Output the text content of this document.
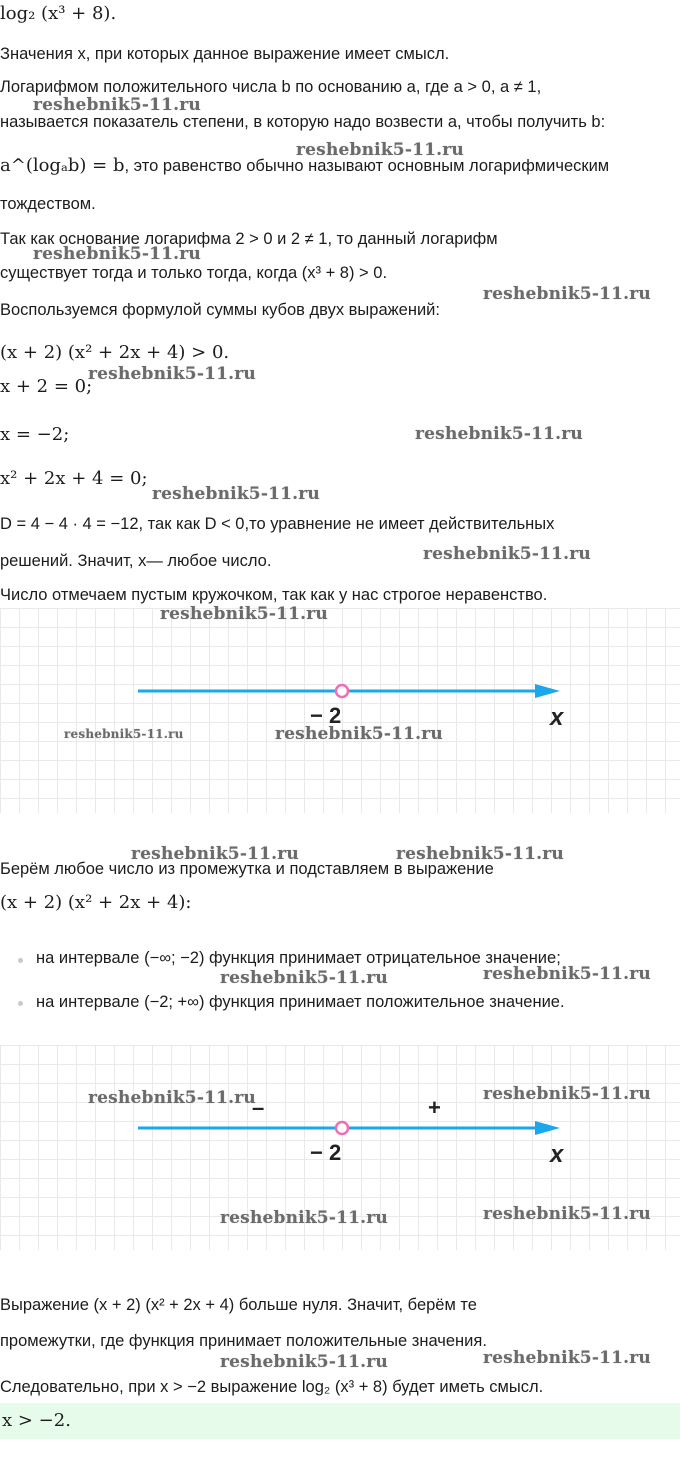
log₂ (x³ + 8).
Значения x, при которых данное выражение имеет смысл.
Логарифмом положительного числа b по основанию a, где a > 0, a ≠ 1,
называется показатель степени, в которую надо возвести a, чтобы получить b:
a^(logₐb) = b, это равенство обычно называют основным логарифмическим
тождеством.
Так как основание логарифма 2 > 0 и 2 ≠ 1, то данный логарифм
существует тогда и только тогда, когда (x³ + 8) > 0.
Воспользуемся формулой суммы кубов двух выражений:
(x + 2) (x² + 2x + 4) > 0.
x + 2 = 0;
x = −2;
x² + 2x + 4 = 0;
D = 4 − 4 · 4 = −12, так как D < 0,то уравнение не имеет действительных
решений. Значит, x— любое число.
Число отмечаем пустым кружочком, так как у нас строгое неравенство.
− 2	x
Берём любое число из промежутка и подставляем в выражение
(x + 2) (x² + 2x + 4):
на интервале (−∞; −2) функция принимает отрицательное значение;
на интервале (−2; +∞) функция принимает положительное значение.
− 2	x
–	+
Выражение (x + 2) (x² + 2x + 4) больше нуля. Значит, берём те
промежутки, где функция принимает положительные значения.
Следовательно, при x > −2 выражение log₂ (x³ + 8) будет иметь смысл.
x > −2.
reshebnik5-11.ru
reshebnik5-11.ru
reshebnik5-11.ru
reshebnik5-11.ru
reshebnik5-11.ru
reshebnik5-11.ru
reshebnik5-11.ru
reshebnik5-11.ru
reshebnik5-11.ru
reshebnik5-11.ru	reshebnik5-11.ru
reshebnik5-11.ru	reshebnik5-11.ru
reshebnik5-11.ru	reshebnik5-11.ru
reshebnik5-11.ru	reshebnik5-11.ru
reshebnik5-11.ru	reshebnik5-11.ru
reshebnik5-11.ru	reshebnik5-11.ru
